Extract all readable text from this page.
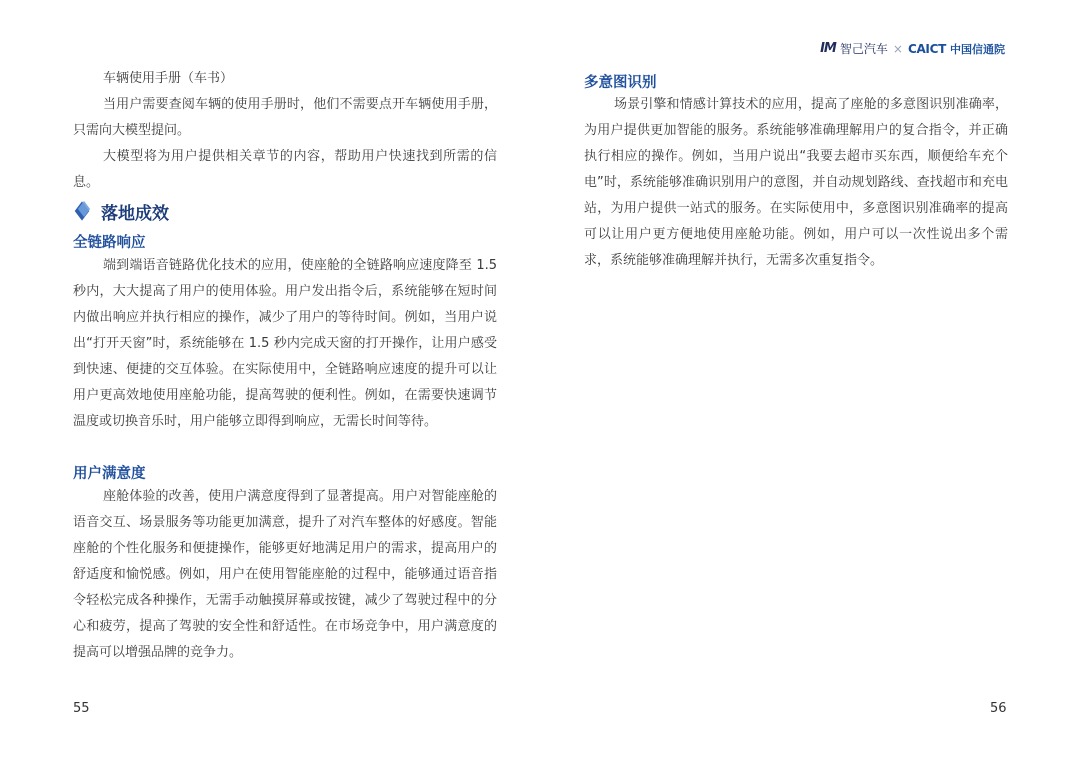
IM 智己汽车 × CAICT 中国信通院
车辆使用手册（车书）
当用户需要查阅车辆的使用手册时，他们不需要点开车辆使用手册，只需向大模型提问。
大模型将为用户提供相关章节的内容，帮助用户快速找到所需的信息。
落地成效
全链路响应
端到端语音链路优化技术的应用，使座舱的全链路响应速度降至 1.5 秒内，大大提高了用户的使用体验。用户发出指令后，系统能够在短时间内做出响应并执行相应的操作，减少了用户的等待时间。例如，当用户说出“打开天窗”时，系统能够在 1.5 秒内完成天窗的打开操作，让用户感受到快速、便捷的交互体验。在实际使用中，全链路响应速度的提升可以让用户更高效地使用座舱功能，提高驾驶的便利性。例如，在需要快速调节温度或切换音乐时，用户能够立即得到响应，无需长时间等待。
用户满意度
座舱体验的改善，使用户满意度得到了显著提高。用户对智能座舱的语音交互、场景服务等功能更加满意，提升了对汽车整体的好感度。智能座舱的个性化服务和便捷操作，能够更好地满足用户的需求，提高用户的舒适度和愉悦感。例如，用户在使用智能座舱的过程中，能够通过语音指令轻松完成各种操作，无需手动触摸屏幕或按键，减少了驾驶过程中的分心和疲劳，提高了驾驶的安全性和舒适性。在市场竞争中，用户满意度的提高可以增强品牌的竞争力。
55
多意图识别
场景引擎和情感计算技术的应用，提高了座舱的多意图识别准确率，为用户提供更加智能的服务。系统能够准确理解用户的复合指令，并正确执行相应的操作。例如，当用户说出“我要去超市买东西，顺便给车充个电”时，系统能够准确识别用户的意图，并自动规划路线、查找超市和充电站，为用户提供一站式的服务。在实际使用中，多意图识别准确率的提高可以让用户更方便地使用座舱功能。例如，用户可以一次性说出多个需求，系统能够准确理解并执行，无需多次重复指令。
56
